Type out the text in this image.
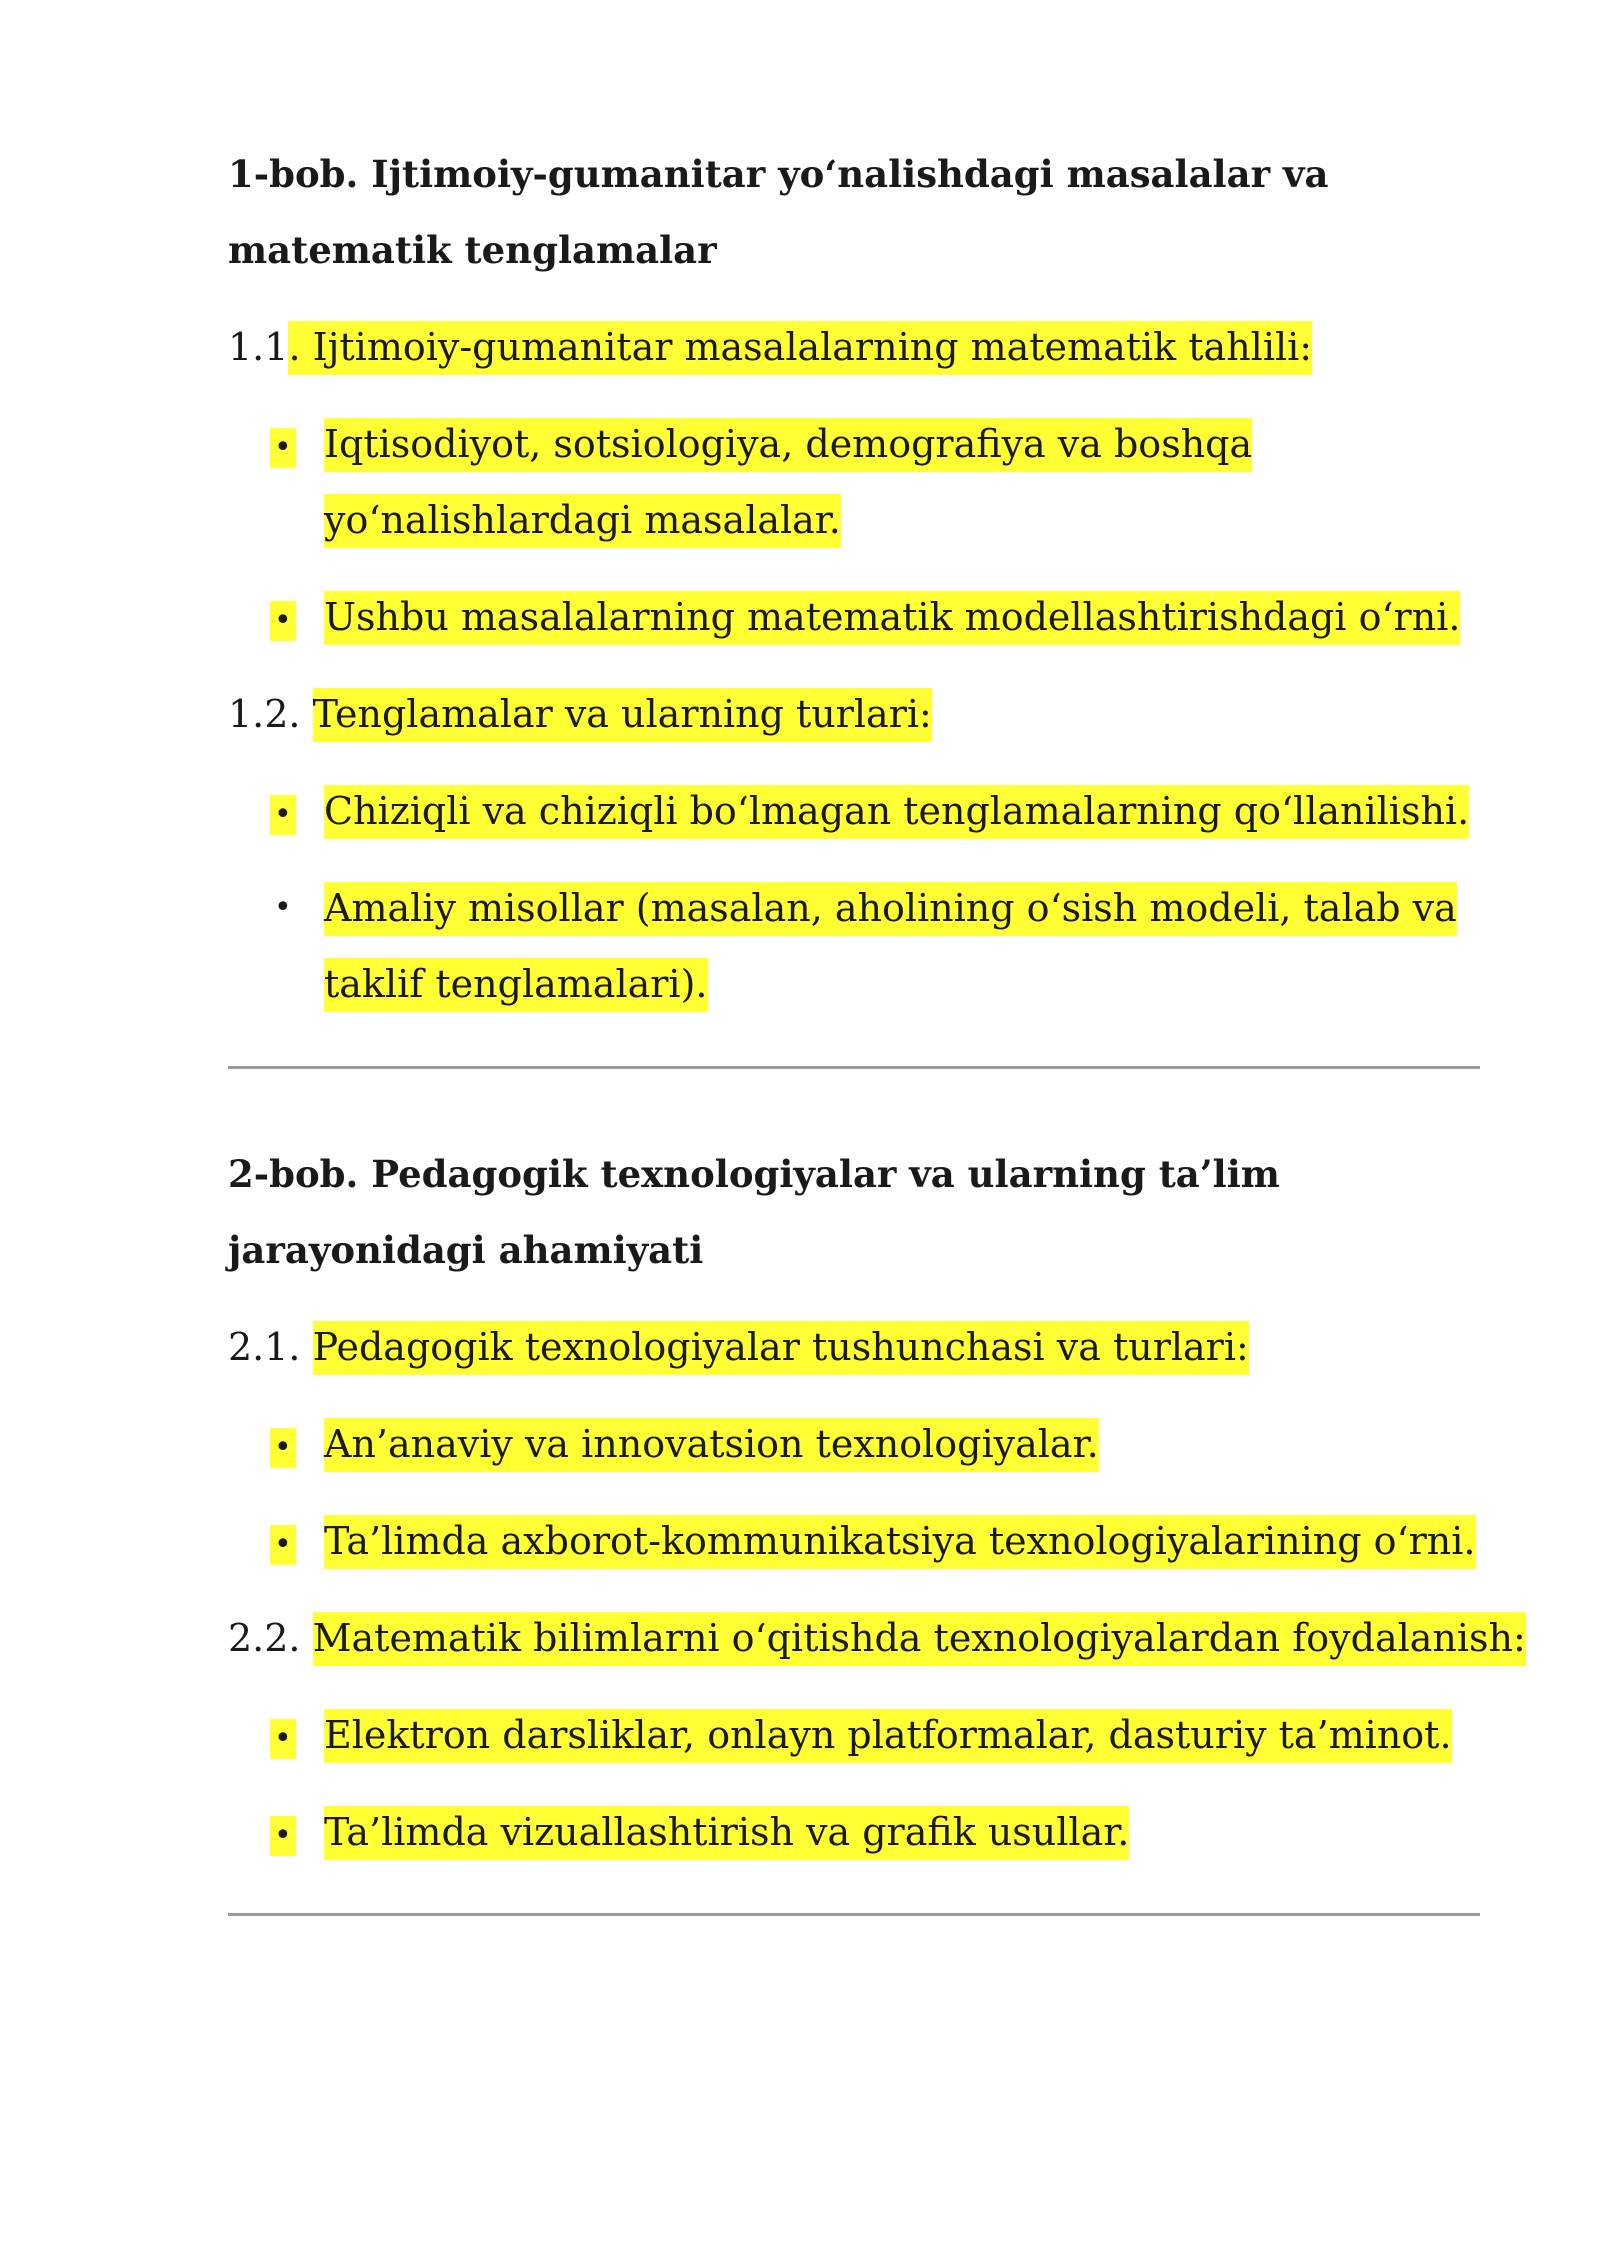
1-bob. Ijtimoiy-gumanitar yo‘nalishdagi masalalar va matematik tenglamalar

1.1. Ijtimoiy-gumanitar masalalarning matematik tahlili:

• Iqtisodiyot, sotsiologiya, demografiya va boshqa yo‘nalishlardagi masalalar.
• Ushbu masalalarning matematik modellashtirishdagi o‘rni.

1.2. Tenglamalar va ularning turlari:

• Chiziqli va chiziqli bo‘lmagan tenglamalarning qo‘llanilishi.
• Amaliy misollar (masalan, aholining o‘sish modeli, talab va taklif tenglamalari).

2-bob. Pedagogik texnologiyalar va ularning ta’lim jarayonidagi ahamiyati

2.1. Pedagogik texnologiyalar tushunchasi va turlari:

• An’anaviy va innovatsion texnologiyalar.
• Ta’limda axborot-kommunikatsiya texnologiyalarining o‘rni.

2.2. Matematik bilimlarni o‘qitishda texnologiyalardan foydalanish:

• Elektron darsliklar, onlayn platformalar, dasturiy ta’minot.
• Ta’limda vizuallashtirish va grafik usullar.
